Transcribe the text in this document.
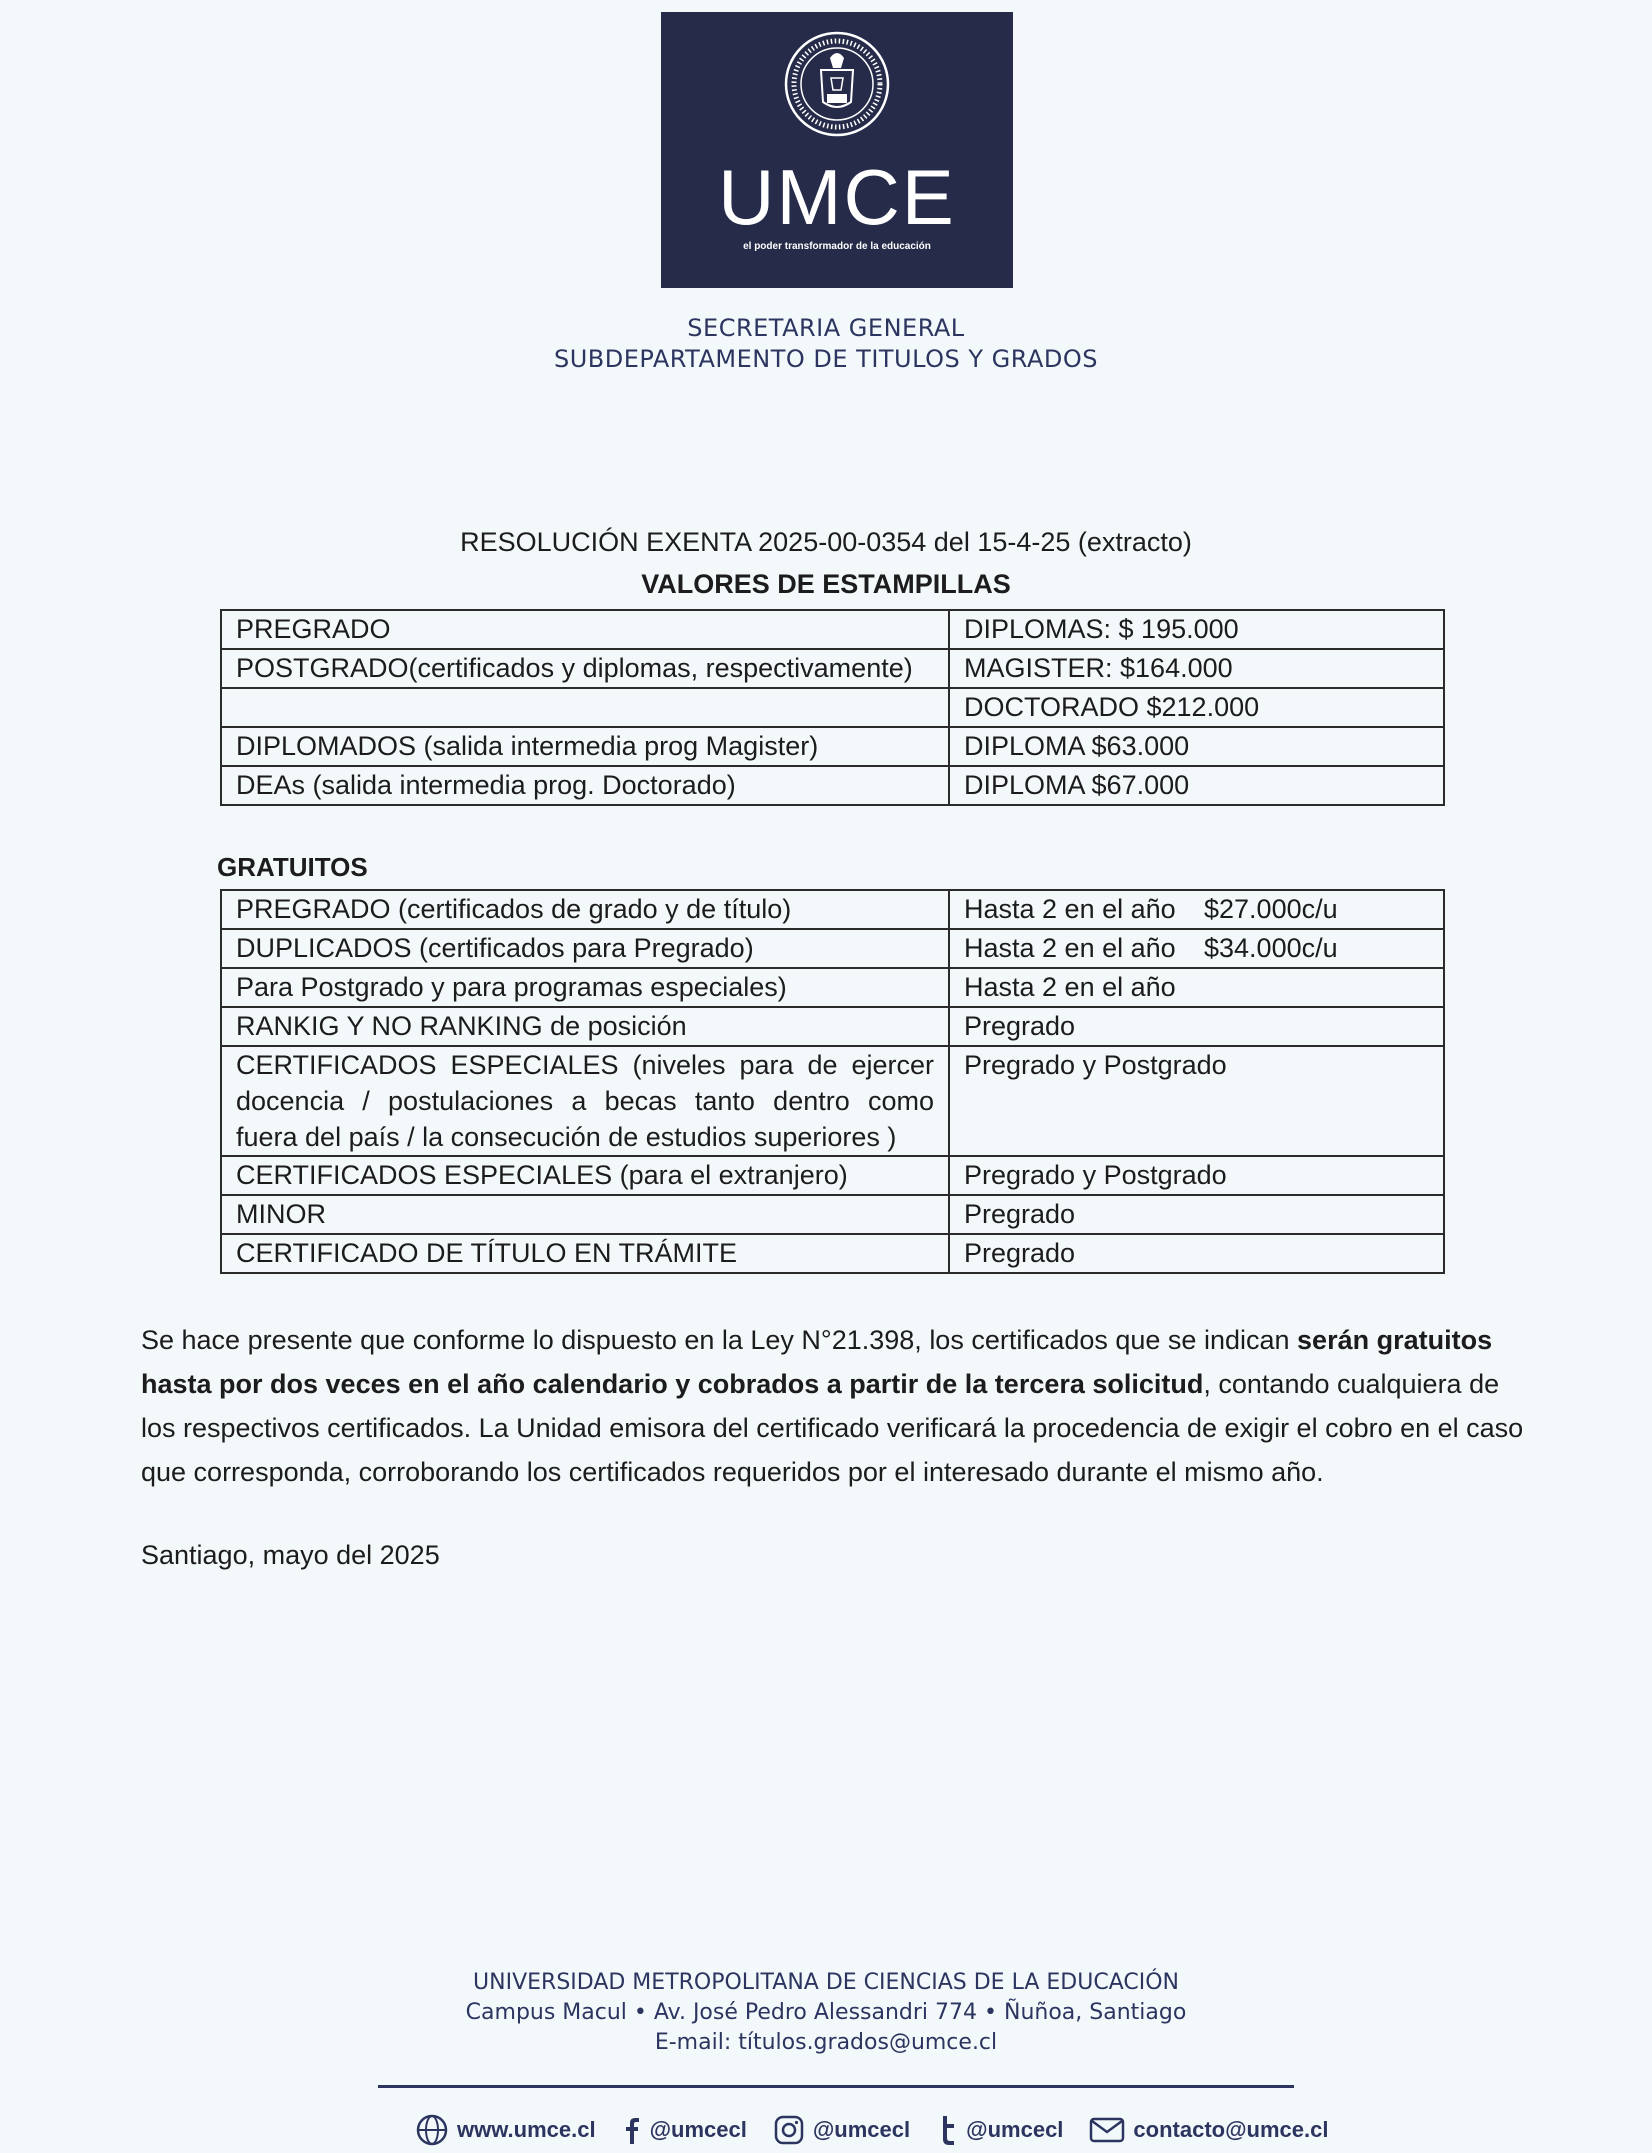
UMCE
el poder transformador de la educación
SECRETARIA GENERAL
SUBDEPARTAMENTO DE TITULOS Y GRADOS
RESOLUCIÓN EXENTA 2025-00-0354 del 15-4-25 (extracto)
VALORES DE ESTAMPILLAS
PREGRADO	DIPLOMAS: $ 195.000
POSTGRADO(certificados y diplomas, respectivamente)	MAGISTER: $164.000
	DOCTORADO $212.000
DIPLOMADOS (salida intermedia prog Magister)	DIPLOMA $63.000
DEAs (salida intermedia prog. Doctorado)	DIPLOMA $67.000
GRATUITOS
PREGRADO (certificados de grado y de título)	Hasta 2 en el año $27.000c/u
DUPLICADOS (certificados para Pregrado)	Hasta 2 en el año $34.000c/u
Para Postgrado y para programas especiales)	Hasta 2 en el año
RANKIG Y NO RANKING de posición	Pregrado

CERTIFICADOS ESPECIALES (niveles para de ejercer
docencia / postulaciones a becas tanto dentro como
fuera del país / la consecución de estudios superiores )	Pregrado y Postgrado
CERTIFICADOS ESPECIALES (para el extranjero)	Pregrado y Postgrado
MINOR	Pregrado
CERTIFICADO DE TÍTULO EN TRÁMITE	Pregrado
Se hace presente que conforme lo dispuesto en la Ley N°21.398, los certificados que se indican serán gratuitos hasta por dos veces en el año calendario y cobrados a partir de la tercera solicitud, contando cualquiera de los respectivos certificados. La Unidad emisora del certificado verificará la procedencia de exigir el cobro en el caso que corresponda, corroborando los certificados requeridos por el interesado durante el mismo año.
Santiago, mayo del 2025
UNIVERSIDAD METROPOLITANA DE CIENCIAS DE LA EDUCACIÓN
Campus Macul • Av. José Pedro Alessandri 774 • Ñuñoa, Santiago
E-mail: títulos.grados@umce.cl
www.umce.cl @umcecl	@umcecl	@umcecl	contacto@umce.cl
